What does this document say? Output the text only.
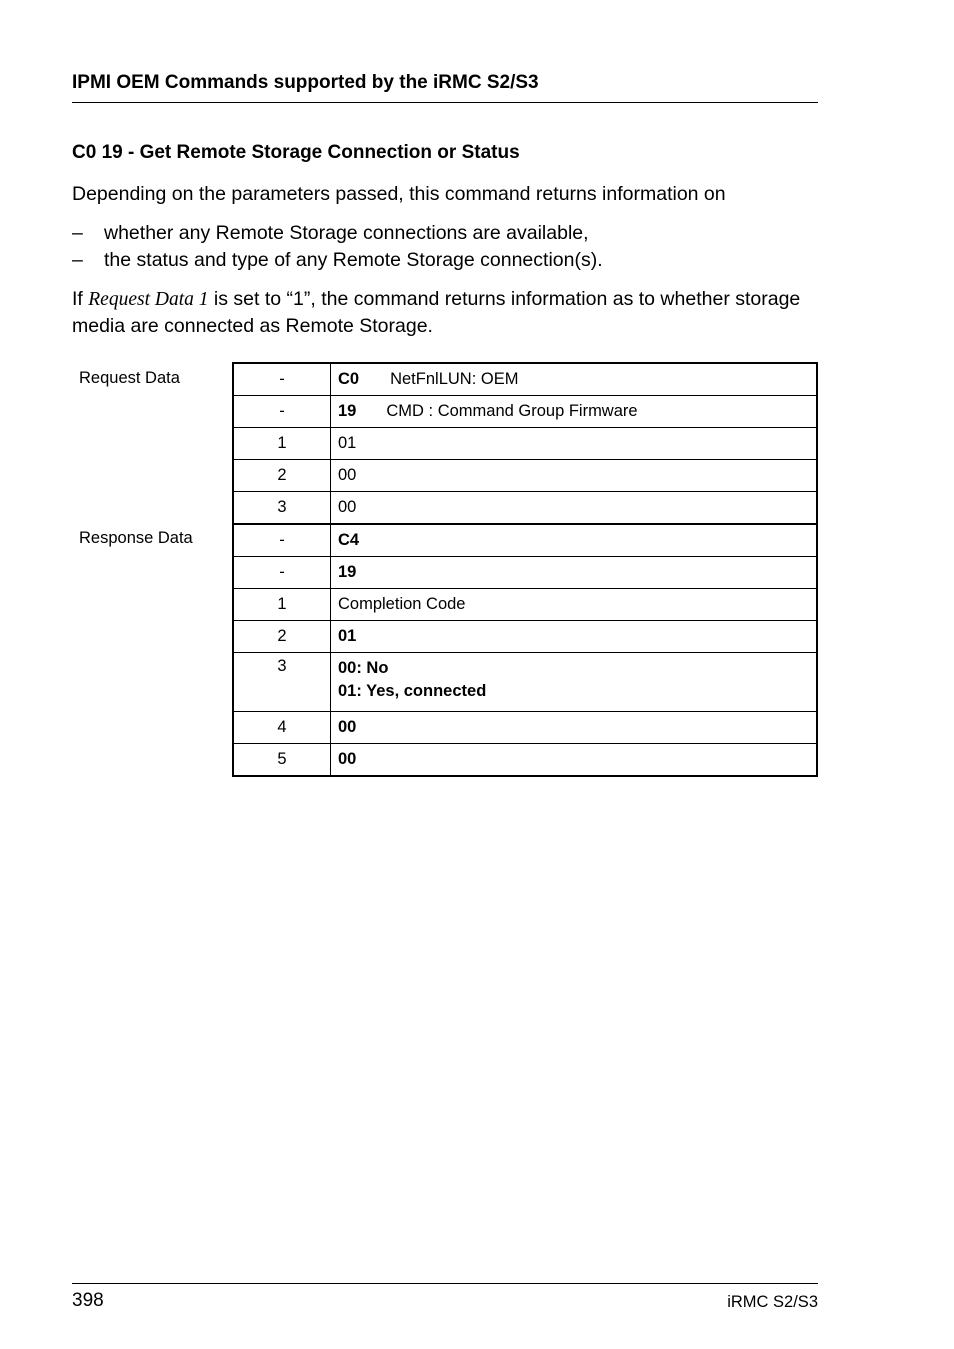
IPMI OEM Commands supported by the iRMC S2/S3
C0 19 - Get Remote Storage Connection or Status
Depending on the parameters passed, this command returns information on
–	whether any Remote Storage connections are available,
–	the status and type of any Remote Storage connection(s).
If Request Data 1 is set to “1”, the command returns information as to whether storage media are connected as Remote Storage.
Request Data
Response Data
-	C0 NetFnlLUN: OEM
-	19 CMD : Command Group Firmware
1	01
2	00
3	00
-	C4
-	19
1	Completion Code
2	01
3	00: No
01: Yes, connected

4	00
5	00
398	iRMC S2/S3
